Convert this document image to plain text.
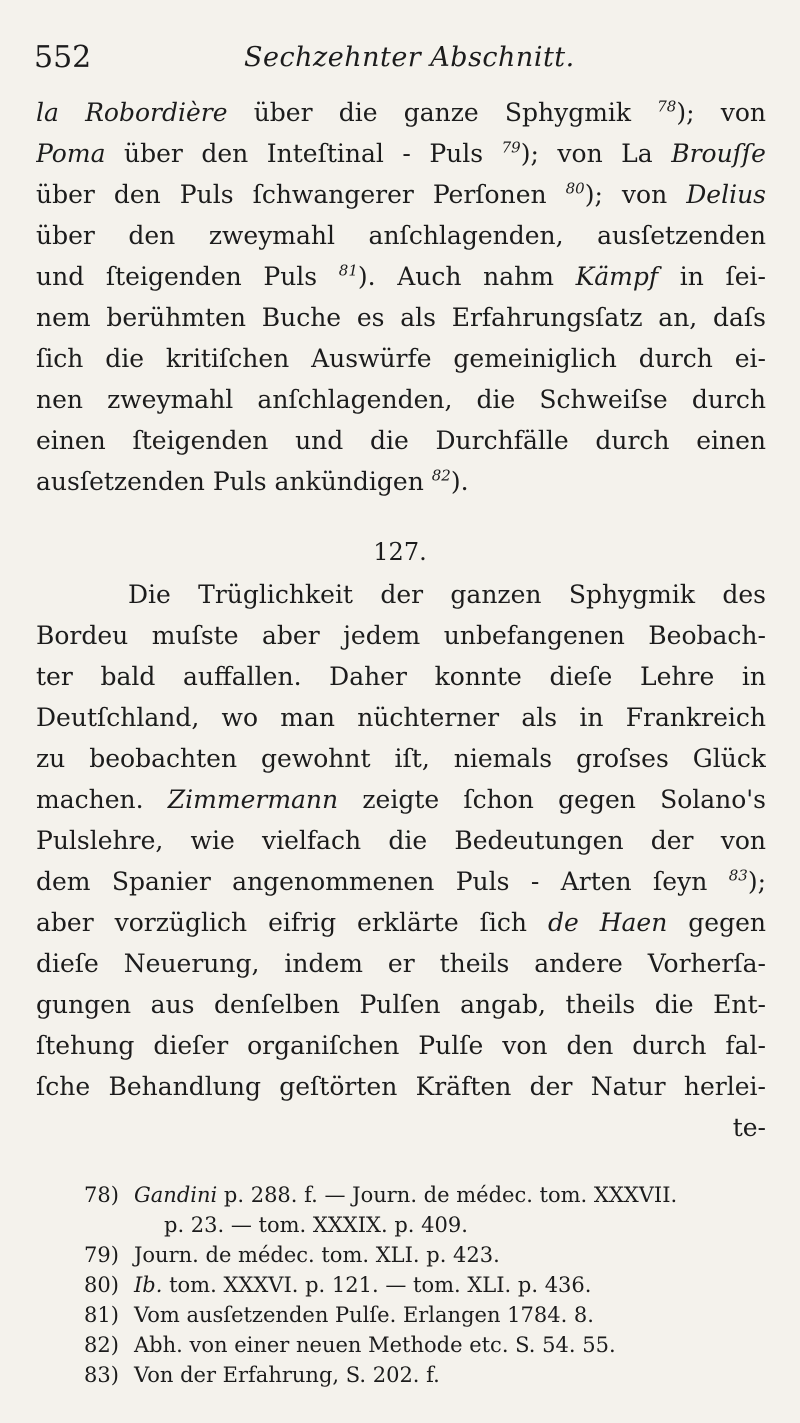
552	Sechzehnter Abschnitt.
la Robordière über die ganze Sphygmik $^{78}$); von
Poma über den Inteſtinal - Puls $^{79}$); von La Brouſſe
über den Puls ſchwangerer Perſonen $^{80}$); von Delius
über den zweymahl anſchlagenden, ausſetzenden
und ſteigenden Puls $^{81}$). Auch nahm Kämpf in ſei-
nem berühmten Buche es als Erfahrungsſatz an, daſs
ſich die kritiſchen Auswürfe gemeiniglich durch ei-
nen zweymahl anſchlagenden, die Schweiſse durch
einen ſteigenden und die Durchfälle durch einen
ausſetzenden Puls ankündigen $^{82}$).
127.
Die Trüglichkeit der ganzen Sphygmik des
Bordeu muſste aber jedem unbefangenen Beobach-
ter bald auffallen. Daher konnte dieſe Lehre in
Deutſchland, wo man nüchterner als in Frankreich
zu beobachten gewohnt iſt, niemals groſses Glück
machen. Zimmermann zeigte ſchon gegen Solano's
Pulslehre, wie vielfach die Bedeutungen der von
dem Spanier angenommenen Puls - Arten ſeyn $^{83}$);
aber vorzüglich eifrig erklärte ſich de Haen gegen
dieſe Neuerung, indem er theils andere Vorherſa-
gungen aus denſelben Pulſen angab, theils die Ent-
ſtehung dieſer organiſchen Pulſe von den durch fal-
ſche Behandlung geſtörten Kräften der Natur herlei-
te-
78) Gandini p. 288. f. — Journ. de médec. tom. XXXVII.
p. 23. — tom. XXXIX. p. 409.
79) Journ. de médec. tom. XLI. p. 423.
80) Ib. tom. XXXVI. p. 121. — tom. XLI. p. 436.
81) Vom ausſetzenden Pulſe. Erlangen 1784. 8.
82) Abh. von einer neuen Methode etc. S. 54. 55.
83) Von der Erfahrung, S. 202. f.
